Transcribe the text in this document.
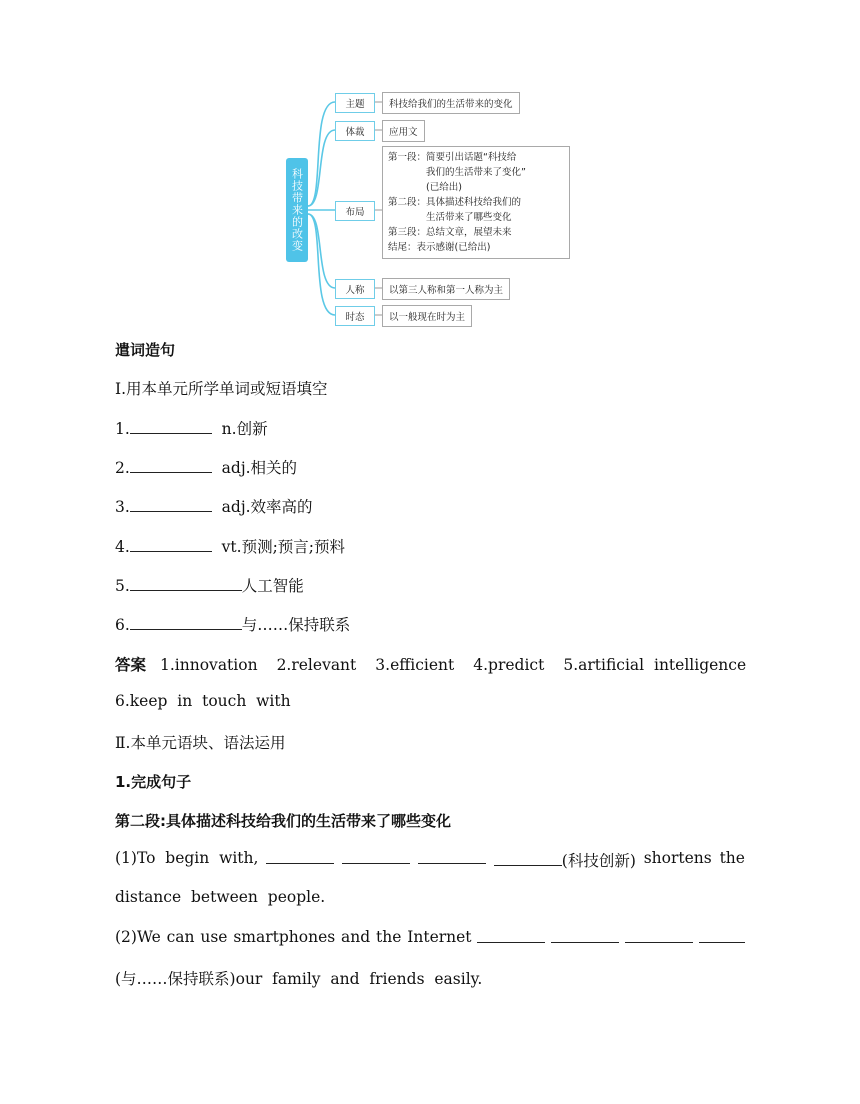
科技带来的改变
主题	科技给我们的生活带来的变化
体裁	应用文
布局
第一段：简要引出话题“科技给
我们的生活带来了变化”
(已给出)
第二段：具体描述科技给我们的
生活带来了哪些变化
第三段：总结文章，展望未来
结尾：表示感谢(已给出)
人称	以第三人称和第一人称为主
时态	以一般现在时为主
遣词造句
Ⅰ.用本单元所学单词或短语填空
1.	n.创新
2.	adj.相关的
3.	adj.效率高的
4.	vt.预测;预言;预料
5.	人工智能
6.	与……保持联系
答案 1.innovation 2.relevant 3.efficient 4.predict 5.artificial  intelligence
6.keep  in  touch  with
Ⅱ.本单元语块、语法运用
1.完成句子
第二段:具体描述科技给我们的生活带来了哪些变化
(1)To  begin  with,	(科技创新) shortens the
distance  between  people.
(2)We can use smartphones and the Internet
(与……保持联系)our  family  and  friends  easily.
